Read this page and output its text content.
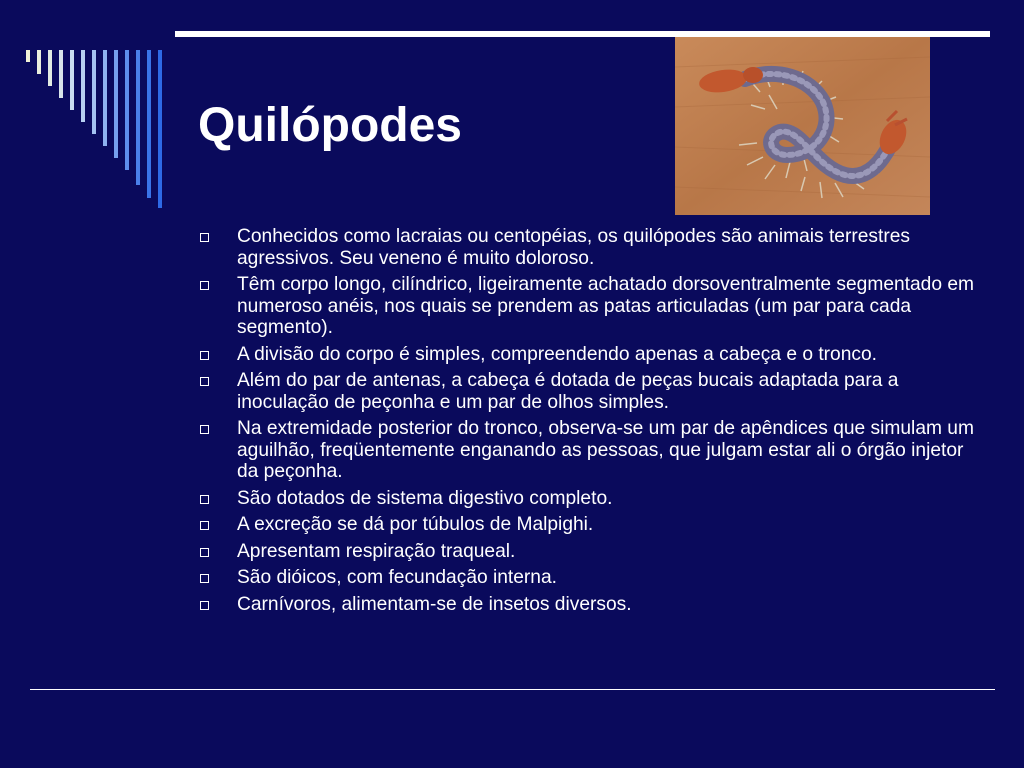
Quilópodes
Conhecidos como lacraias ou centopéias, os quilópodes são animais terrestres agressivos. Seu veneno é muito doloroso.
Têm corpo longo, cilíndrico, ligeiramente achatado dorsoventralmente segmentado em numeroso anéis, nos quais se prendem as patas articuladas (um par para cada segmento).
A divisão do corpo é simples, compreendendo apenas a cabeça e o tronco.
Além do par de antenas, a cabeça é dotada de peças bucais adaptada para a inoculação de peçonha e um par de olhos simples.
Na extremidade posterior do tronco, observa-se um par de apêndices que simulam um aguilhão, freqüentemente enganando as pessoas, que julgam estar ali o órgão injetor da peçonha.
São dotados de sistema digestivo completo.
A excreção se dá por túbulos de Malpighi.
Apresentam respiração traqueal.
São dióicos, com fecundação interna.
Carnívoros, alimentam-se de insetos diversos.
